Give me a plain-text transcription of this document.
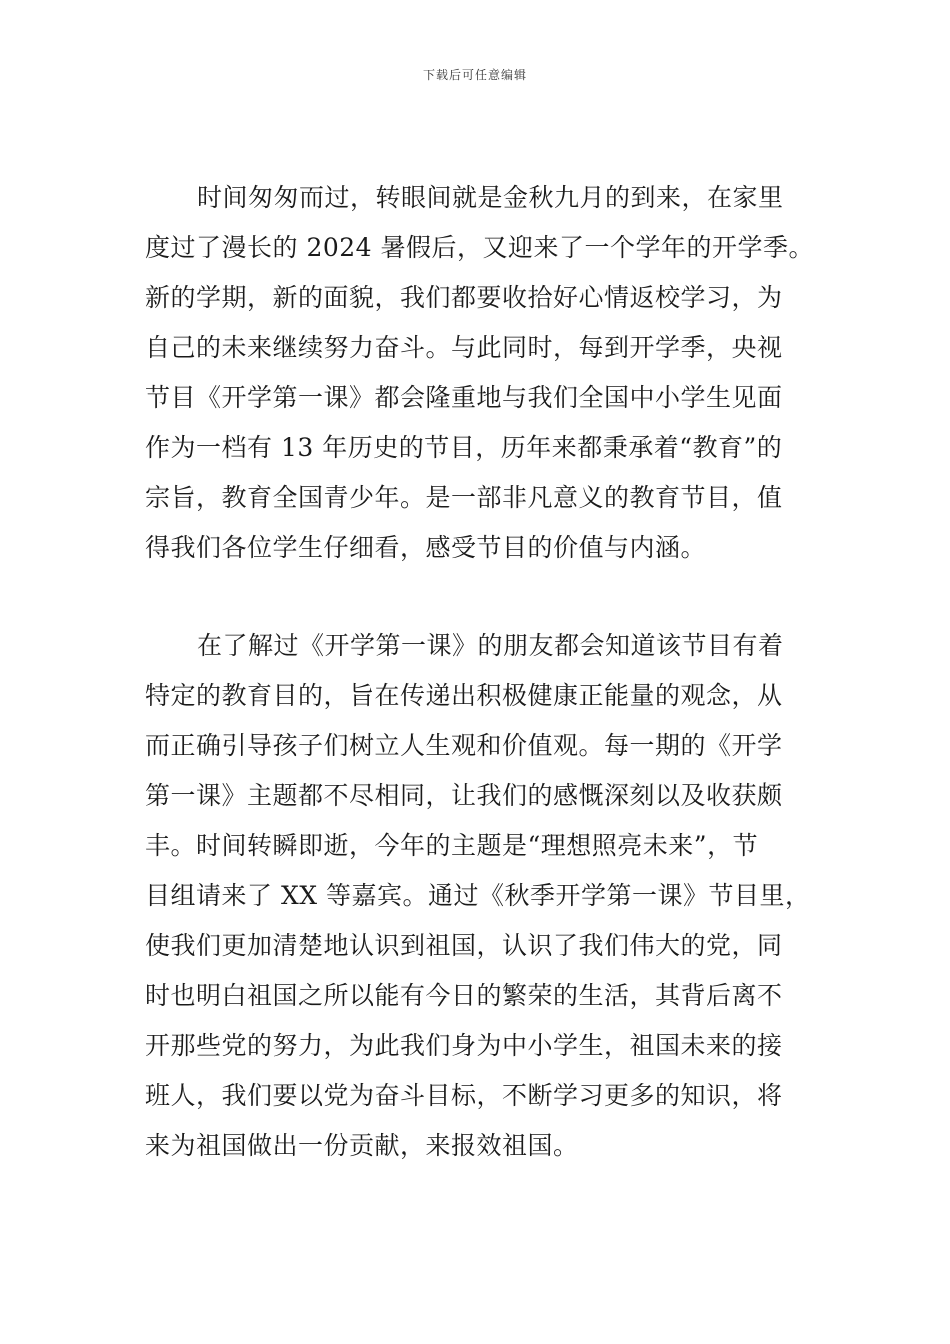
下载后可任意编辑
时间匆匆而过，转眼间就是金秋九月的到来，在家里
度过了漫长的 2024 暑假后，又迎来了一个学年的开学季。
新的学期，新的面貌，我们都要收拾好心情返校学习，为
自己的未来继续努力奋斗。与此同时，每到开学季，央视
节目《开学第一课》都会隆重地与我们全国中小学生见面
作为一档有 13 年历史的节目，历年来都秉承着“教育”的
宗旨，教育全国青少年。是一部非凡意义的教育节目，值
得我们各位学生仔细看，感受节目的价值与内涵。
在了解过《开学第一课》的朋友都会知道该节目有着
特定的教育目的，旨在传递出积极健康正能量的观念，从
而正确引导孩子们树立人生观和价值观。每一期的《开学
第一课》主题都不尽相同，让我们的感慨深刻以及收获颇
丰。时间转瞬即逝，今年的主题是“理想照亮未来”，节
目组请来了 XX 等嘉宾。通过《秋季开学第一课》节目里，
使我们更加清楚地认识到祖国，认识了我们伟大的党，同
时也明白祖国之所以能有今日的繁荣的生活，其背后离不
开那些党的努力，为此我们身为中小学生，祖国未来的接
班人，我们要以党为奋斗目标，不断学习更多的知识，将
来为祖国做出一份贡献，来报效祖国。
